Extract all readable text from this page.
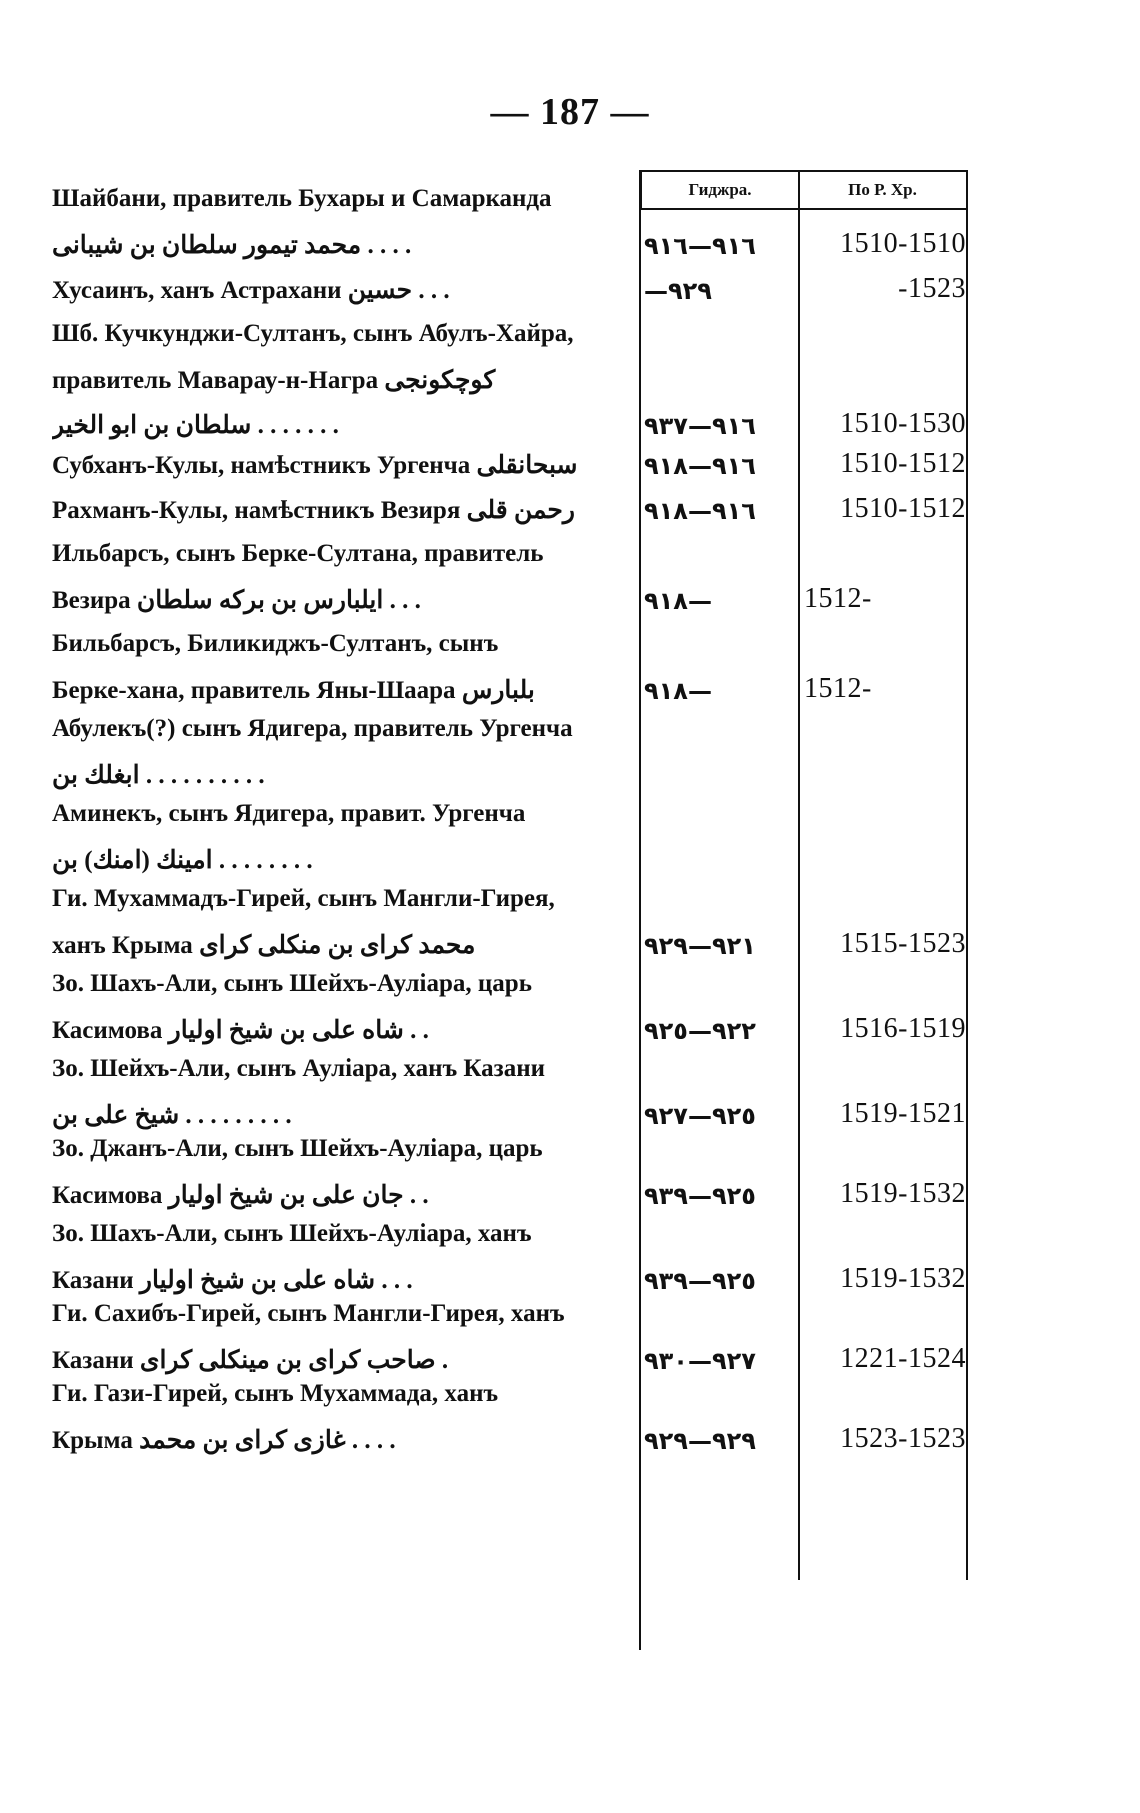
— 187 —
Гиджра.	По Р. Хр.
Шайбани, правитель Бухары и Самарканда
محمد تیمور سلطان بن شیبانی . . . .	٩١٦—٩١٦	1510-1510
Хусаинъ, ханъ Астрахани حسین . . .	—٩٢٩	-1523
Шб. Кучкунджи-Султанъ, сынъ Абулъ-Хайра,
правитель Маварау-н-Награ کوچکونجی
سلطان بن ابو الخیر . . . . . . .	٩١٦—٩٣٧	1510-1530
Субханъ-Кулы, намѣстникъ Ургенча سبحانقلی	٩١٦—٩١٨	1510-1512
Рахманъ-Кулы, намѣстникъ Везиря رحمن قلی	٩١٦—٩١٨	1510-1512
Ильбарсъ, сынъ Берке-Султана, правитель
Везира ایلبارس بن برکه سلطان . . .	٩١٨—	1512-
Бильбарсъ, Биликиджъ-Султанъ, сынъ
Берке-хана, правитель Яны-Шаара بلبارس	٩١٨—	1512-
Абулекъ(?) сынъ Ядигера, правитель Ургенча
ابغلك بن . . . . . . . . . .
Аминекъ, сынъ Ядигера, правит. Ургенча
امینك (امنك) بن . . . . . . . .
Ги. Мухаммадъ-Гирей, сынъ Мангли-Гирея,
ханъ Крыма محمد کرای بن منکلی کرای	٩٢١—٩٢٩	1515-1523
Зо. Шахъ-Али, сынъ Шейхъ-Ауліара, царь
Касимова شاه علی بن شیخ اولیار . .	٩٢٢—٩٢٥	1516-1519
Зо. Шейхъ-Али, сынъ Ауліара, ханъ Казани
شیخ علی بن . . . . . . . . .	٩٢٥—٩٢٧	1519-1521
Зо. Джанъ-Али, сынъ Шейхъ-Ауліара, царь
Касимова جان علی بن شیخ اولیار . .	٩٢٥—٩٣٩	1519-1532
Зо. Шахъ-Али, сынъ Шейхъ-Ауліара, ханъ
Казани شاه علی بن شیخ اولیار . . .	٩٢٥—٩٣٩	1519-1532
Ги. Сахибъ-Гирей, сынъ Мангли-Гирея, ханъ
Казани صاحب کرای بن مینکلی کرای .	٩٢٧—٩٣٠	1221-1524
Ги. Гази-Гирей, сынъ Мухаммада, ханъ
Крыма غازی کرای بن محمد . . . .	٩٢٩—٩٢٩	1523-1523
